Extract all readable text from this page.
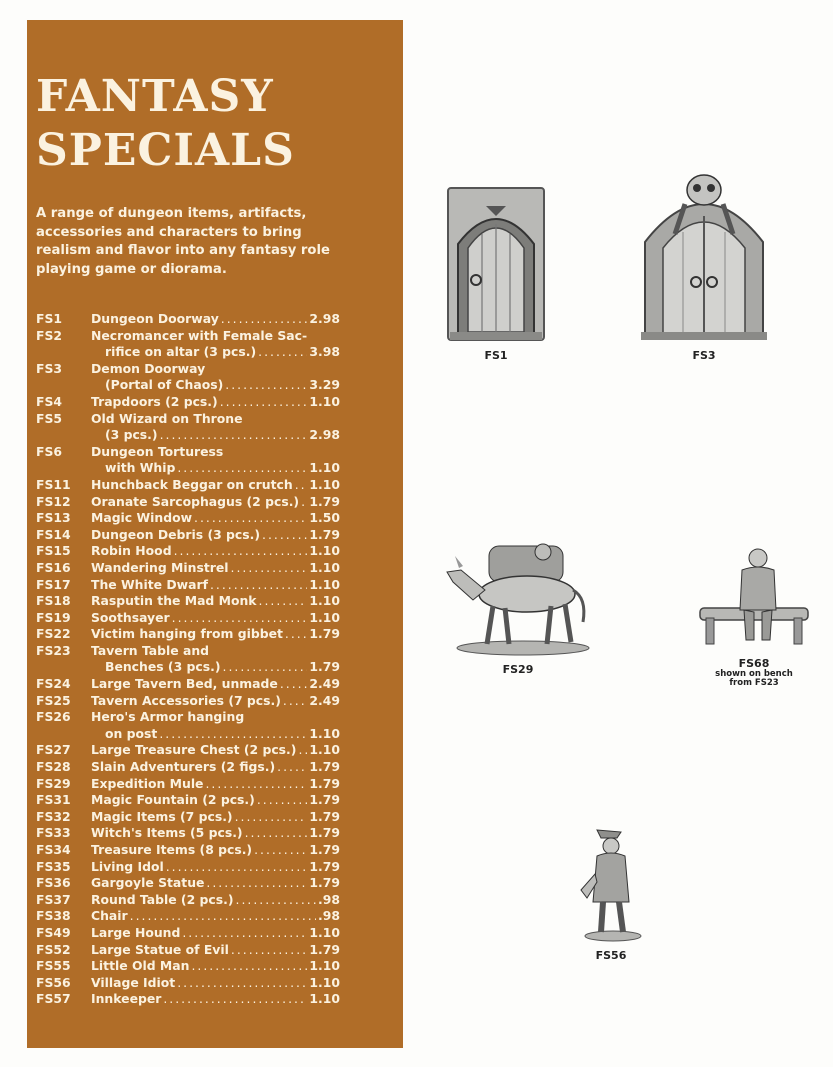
FANTASY
SPECIALS

A range of dungeon items, artifacts, accessories and characters to bring realism and flavor into any fantasy role playing game or diorama.

FS1	Dungeon Doorway .....	2.98
FS2	Necromancer with Female Sac-
rifice on altar (3 pcs.) .....	3.98
FS3	Demon Doorway
(Portal of Chaos) .....	3.29
FS4	Trapdoors (2 pcs.) .....	1.10
FS5	Old Wizard on Throne
(3 pcs.) .....	2.98
FS6	Dungeon Torturess
with Whip .....	1.10
FS11	Hunchback Beggar on crutch ..... 1.10
FS12	Oranate Sarcophagus (2 pcs.) ..... 1.79
FS13	Magic Window .....	1.50
FS14	Dungeon Debris (3 pcs.) .....	1.79
FS15	Robin Hood .....	1.10
FS16	Wandering Minstrel .....	1.10
FS17	The White Dwarf .....	1.10
FS18	Rasputin the Mad Monk .....	1.10
FS19	Soothsayer .....	1.10
FS22	Victim hanging from gibbet ..... 1.79
FS23	Tavern Table and
Benches (3 pcs.) .....	1.79
FS24	Large Tavern Bed, unmade .....	2.49
FS25	Tavern Accessories (7 pcs.) ..... 2.49
FS26	Hero's Armor hanging
on post .....	1.10
FS27	Large Treasure Chest (2 pcs.) ..... 1.10
FS28	Slain Adventurers (2 figs.) .....	1.79
FS29	Expedition Mule .....	1.79
FS31	Magic Fountain (2 pcs.) .....	1.79
FS32	Magic Items (7 pcs.) .....	1.79
FS33	Witch's Items (5 pcs.) .....	1.79
FS34	Treasure Items (8 pcs.) .....	1.79
FS35	Living Idol .....	1.79
FS36	Gargoyle Statue .....	1.79
FS37	Round Table (2 pcs.) .....	.98
FS38	Chair .....	.98
FS49	Large Hound .....	1.10
FS52	Large Statue of Evil .....	1.79
FS55	Little Old Man .....	1.10
FS56	Village Idiot .....	1.10
FS57	Innkeeper .....	1.10
FS1	FS3
FS29	FS68
shown on bench
from FS23
FS56
